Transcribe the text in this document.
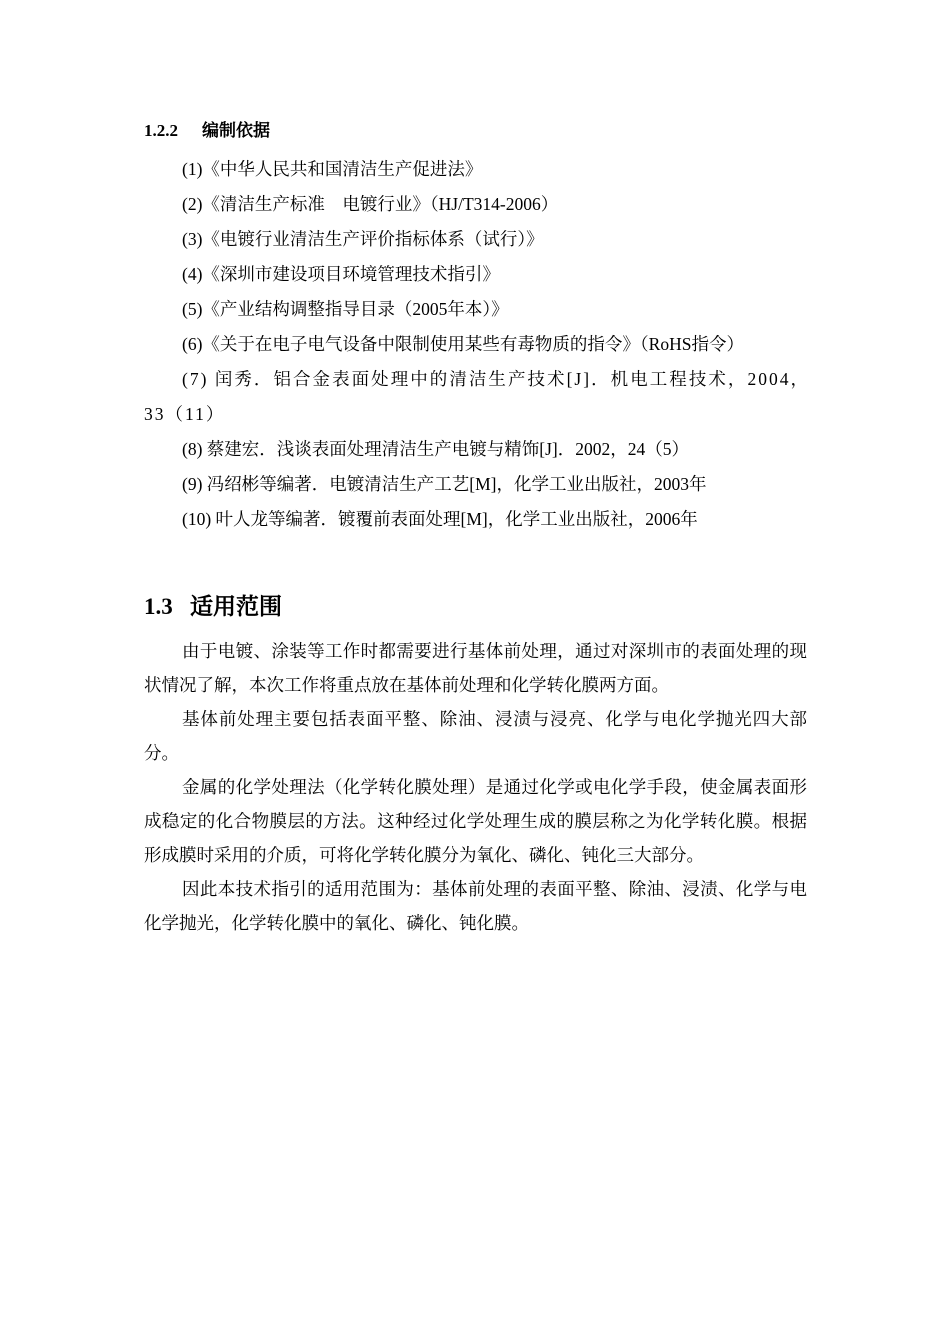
1.2.2 编制依据
(1)《中华人民共和国清洁生产促进法》
(2)《清洁生产标准　电镀行业》（HJ/T314-2006）
(3)《电镀行业清洁生产评价指标体系（试行）》
(4)《深圳市建设项目环境管理技术指引》
(5)《产业结构调整指导目录（2005年本）》
(6)《关于在电子电气设备中限制使用某些有毒物质的指令》（RoHS指令）
(7) 闰秀．铝合金表面处理中的清洁生产技术[J]．机电工程技术，2004，33（11）
(8) 蔡建宏．浅谈表面处理清洁生产电镀与精饰[J]．2002，24（5）
(9) 冯绍彬等编著．电镀清洁生产工艺[M]，化学工业出版社，2003年
(10) 叶人龙等编著．镀覆前表面处理[M]，化学工业出版社，2006年
1.3 适用范围

由于电镀、涂装等工作时都需要进行基体前处理，通过对深圳市的表面处理的现状情况了解，本次工作将重点放在基体前处理和化学转化膜两方面。

基体前处理主要包括表面平整、除油、浸渍与浸亮、化学与电化学抛光四大部分。

金属的化学处理法（化学转化膜处理）是通过化学或电化学手段，使金属表面形成稳定的化合物膜层的方法。这种经过化学处理生成的膜层称之为化学转化膜。根据形成膜时采用的介质，可将化学转化膜分为氧化、磷化、钝化三大部分。

因此本技术指引的适用范围为：基体前处理的表面平整、除油、浸渍、化学与电化学抛光，化学转化膜中的氧化、磷化、钝化膜。
